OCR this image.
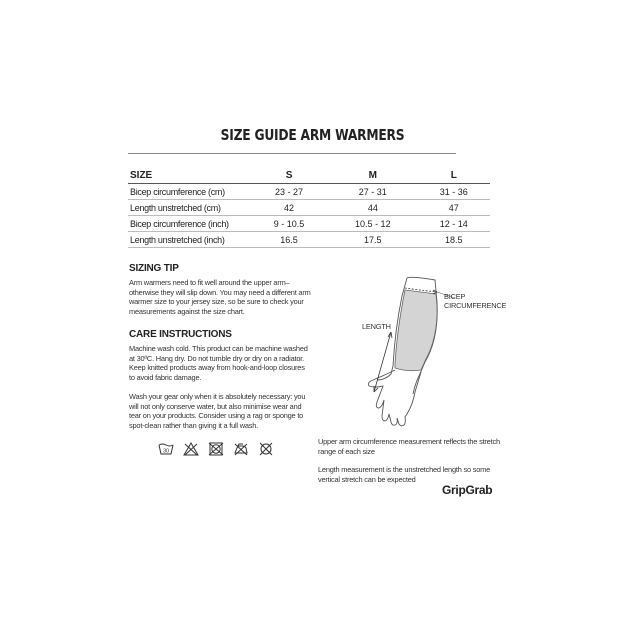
SIZE GUIDE ARM WARMERS
SIZE	S	M	L
Bicep circumference (cm)	23 - 27	27 - 31	31 - 36
Length unstretched (cm)	42	44	47
Bicep circumference (inch)	9 - 10.5	10.5 - 12	12 - 14
Length unstretched (inch)	16.5	17.5	18.5
SIZING TIP
Arm warmers need to fit well around the upper arm–otherwise they will slip down. You may need a different arm warmer size to your jersey size, so be sure to check your measurements against the size chart.
CARE INSTRUCTIONS
Machine wash cold. This product can be machine washed at 30ºC. Hang dry. Do not tumble dry or dry on a radiator. Keep knitted products away from hook-and-loop closures to avoid fabric damage.
Wash your gear only when it is absolutely necessary: you will not only conserve water, but also minimise wear and tear on your products. Consider using a rag or sponge to spot-clean rather than giving it a full wash.
30
BICEP
CIRCUMFERENCE
LENGTH
Upper arm circumference measurement reflects the stretch range of each size
Length measurement is the unstretched length so some vertical stretch can be expected
GripGrab
